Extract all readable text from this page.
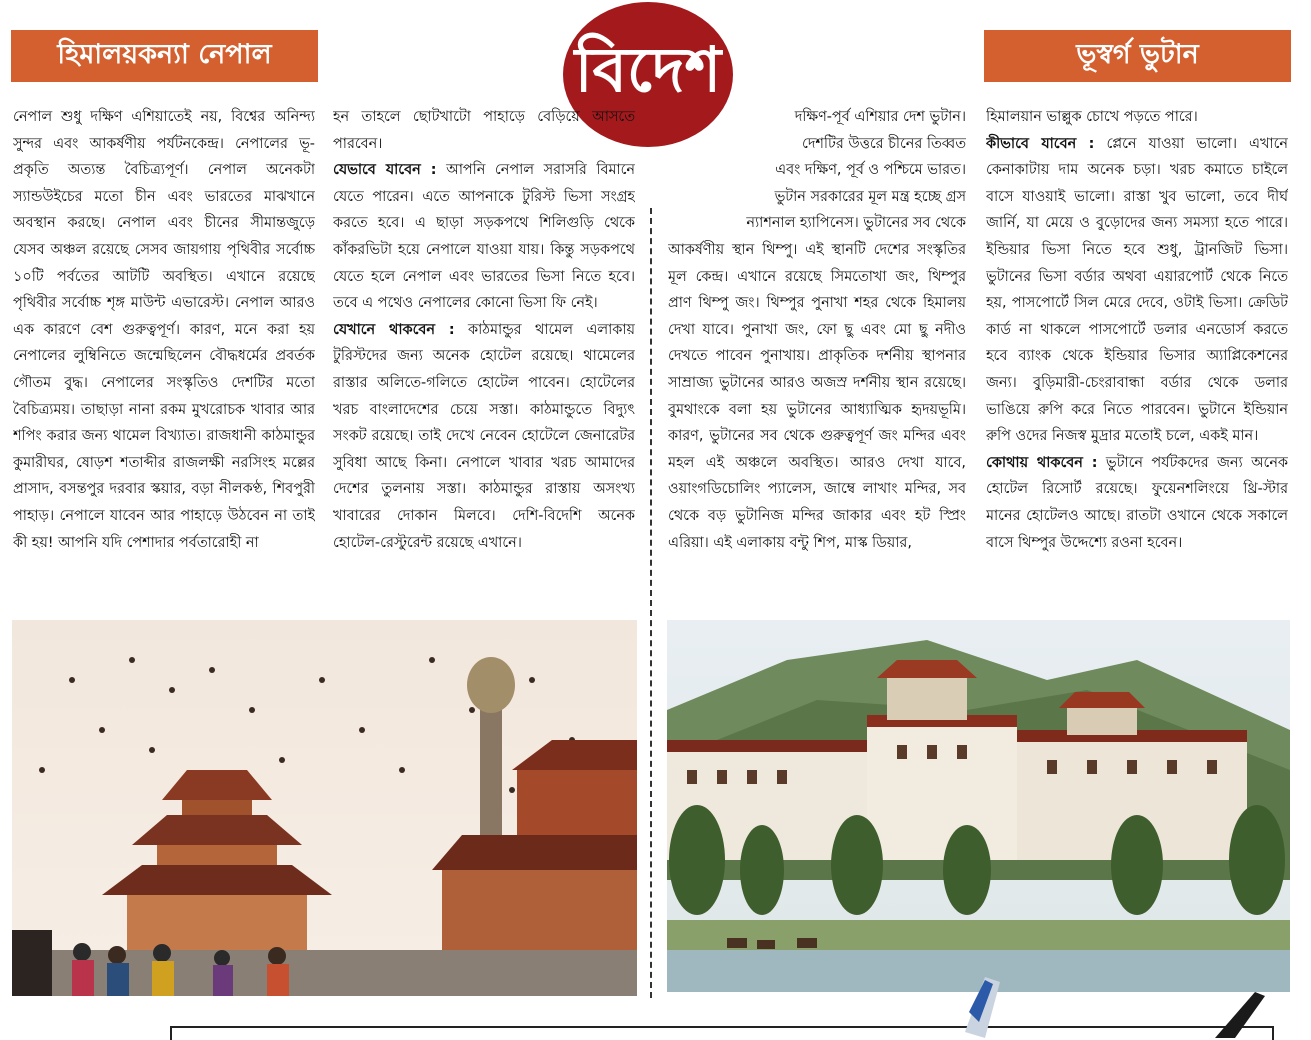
বিদেশ
হিমালয়কন্যা নেপাল	ভূস্বর্গ ভুটান

নেপাল শুধু দক্ষিণ এশিয়াতেই নয়, বিশ্বের অনিন্দ্য সুন্দর এবং আকর্ষণীয় পর্যটনকেন্দ্র। নেপালের ভূ-প্রকৃতি অত্যন্ত বৈচিত্র্যপূর্ণ। নেপাল অনেকটা স্যান্ডউইচের মতো চীন এবং ভারতের মাঝখানে অবস্থান করছে। নেপাল এবং চীনের সীমান্তজুড়ে যেসব অঞ্চল রয়েছে সেসব জায়গায় পৃথিবীর সর্বোচ্চ ১০টি পর্বতের আটটি অবস্থিত। এখানে রয়েছে পৃথিবীর সর্বোচ্চ শৃঙ্গ মাউন্ট এভারেস্ট। নেপাল আরও এক কারণে বেশ গুরুত্বপূর্ণ। কারণ, মনে করা হয় নেপালের লুম্বিনিতে জন্মেছিলেন বৌদ্ধধর্মের প্রবর্তক গৌতম বুদ্ধ। নেপালের সংস্কৃতিও দেশটির মতো বৈচিত্র্যময়। তাছাড়া নানা রকম মুখরোচক খাবার আর শপিং করার জন্য থামেল বিখ্যাত। রাজধানী কাঠমান্ডুর কুমারীঘর, ষোড়শ শতাব্দীর রাজলক্ষী নরসিংহ মল্লের প্রাসাদ, বসন্তপুর দরবার স্কয়ার, বড়া নীলকণ্ঠ, শিবপুরী পাহাড়। নেপালে যাবেন আর পাহাড়ে উঠবেন না তাই কী হয়! আপনি যদি পেশাদার পর্বতারোহী না

হন তাহলে ছোটখাটো পাহাড়ে বেড়িয়ে আসতে পারবেন।

যেভাবে যাবেন : আপনি নেপাল সরাসরি বিমানে যেতে পারেন। এতে আপনাকে টুরিস্ট ভিসা সংগ্রহ করতে হবে। এ ছাড়া সড়কপথে শিলিগুড়ি থেকে কাঁকরভিটা হয়ে নেপালে যাওয়া যায়। কিন্তু সড়কপথে যেতে হলে নেপাল এবং ভারতের ভিসা নিতে হবে। তবে এ পথেও নেপালের কোনো ভিসা ফি নেই।

যেখানে থাকবেন : কাঠমান্ডুর থামেল এলাকায় টুরিস্টদের জন্য অনেক হোটেল রয়েছে। থামেলের রাস্তার অলিতে-গলিতে হোটেল পাবেন। হোটেলের খরচ বাংলাদেশের চেয়ে সস্তা। কাঠমান্ডুতে বিদ্যুৎ সংকট রয়েছে। তাই দেখে নেবেন হোটেলে জেনারেটর সুবিধা আছে কিনা। নেপালে খাবার খরচ আমাদের দেশের তুলনায় সস্তা। কাঠমান্ডুর রাস্তায় অসংখ্য খাবারের দোকান মিলবে। দেশি-বিদেশি অনেক হোটেল-রেস্টুরেন্ট রয়েছে এখানে।

দক্ষিণ-পূর্ব এশিয়ার দেশ ভুটান।

দেশটির উত্তরে চীনের তিব্বত

এবং দক্ষিণ, পূর্ব ও পশ্চিমে ভারত।

ভুটান সরকারের মূল মন্ত্র হচ্ছে গ্রস

ন্যাশনাল হ্যাপিনেস। ভুটানের সব থেকে

আকর্ষণীয় স্থান থিম্পু। এই স্থানটি দেশের সংস্কৃতির মূল কেন্দ্র। এখানে রয়েছে সিমতোখা জং, থিম্পুর প্রাণ থিম্পু জং। থিম্পুর পুনাখা শহর থেকে হিমালয় দেখা যাবে। পুনাখা জং, ফো ছু এবং মো ছু নদীও দেখতে পাবেন পুনাখায়। প্রাকৃতিক দর্শনীয় স্থাপনার সাম্রাজ্য ভুটানের আরও অজস্র দর্শনীয় স্থান রয়েছে। বুমথাংকে বলা হয় ভুটানের আধ্যাত্মিক হৃদয়ভূমি। কারণ, ভুটানের সব থেকে গুরুত্বপূর্ণ জং মন্দির এবং মহল এই অঞ্চলে অবস্থিত। আরও দেখা যাবে, ওয়াংগডিচোলিং প্যালেস, জাম্বে লাখাং মন্দির, সব থেকে বড় ভুটানিজ মন্দির জাকার এবং হট স্প্রিং এরিয়া। এই এলাকায় বন্টু শিপ, মাস্ক ডিয়ার,

হিমালয়ান ভাল্লুক চোখে পড়তে পারে।

কীভাবে যাবেন : প্লেনে যাওয়া ভালো। এখানে কেনাকাটায় দাম অনেক চড়া। খরচ কমাতে চাইলে বাসে যাওয়াই ভালো। রাস্তা খুব ভালো, তবে দীর্ঘ জার্নি, যা মেয়ে ও বুড়োদের জন্য সমস্যা হতে পারে। ইন্ডিয়ার ভিসা নিতে হবে শুধু, ট্রানজিট ভিসা। ভুটানের ভিসা বর্ডার অথবা এয়ারপোর্ট থেকে নিতে হয়, পাসপোর্টে সিল মেরে দেবে, ওটাই ভিসা। ক্রেডিট কার্ড না থাকলে পাসপোর্টে ডলার এনডোর্স করতে হবে ব্যাংক থেকে ইন্ডিয়ার ভিসার অ্যাপ্লিকেশনের জন্য। বুড়িমারী-চেংরাবান্ধা বর্ডার থেকে ডলার ভাঙিয়ে রুপি করে নিতে পারবেন। ভুটানে ইন্ডিয়ান রুপি ওদের নিজস্ব মুদ্রার মতোই চলে, একই মান।

কোথায় থাকবেন : ভুটানে পর্যটকদের জন্য অনেক হোটেল রিসোর্ট রয়েছে। ফুয়েনশলিংয়ে থ্রি-স্টার মানের হোটেলও আছে। রাতটা ওখানে থেকে সকালে বাসে থিম্পুর উদ্দেশ্যে রওনা হবেন।
